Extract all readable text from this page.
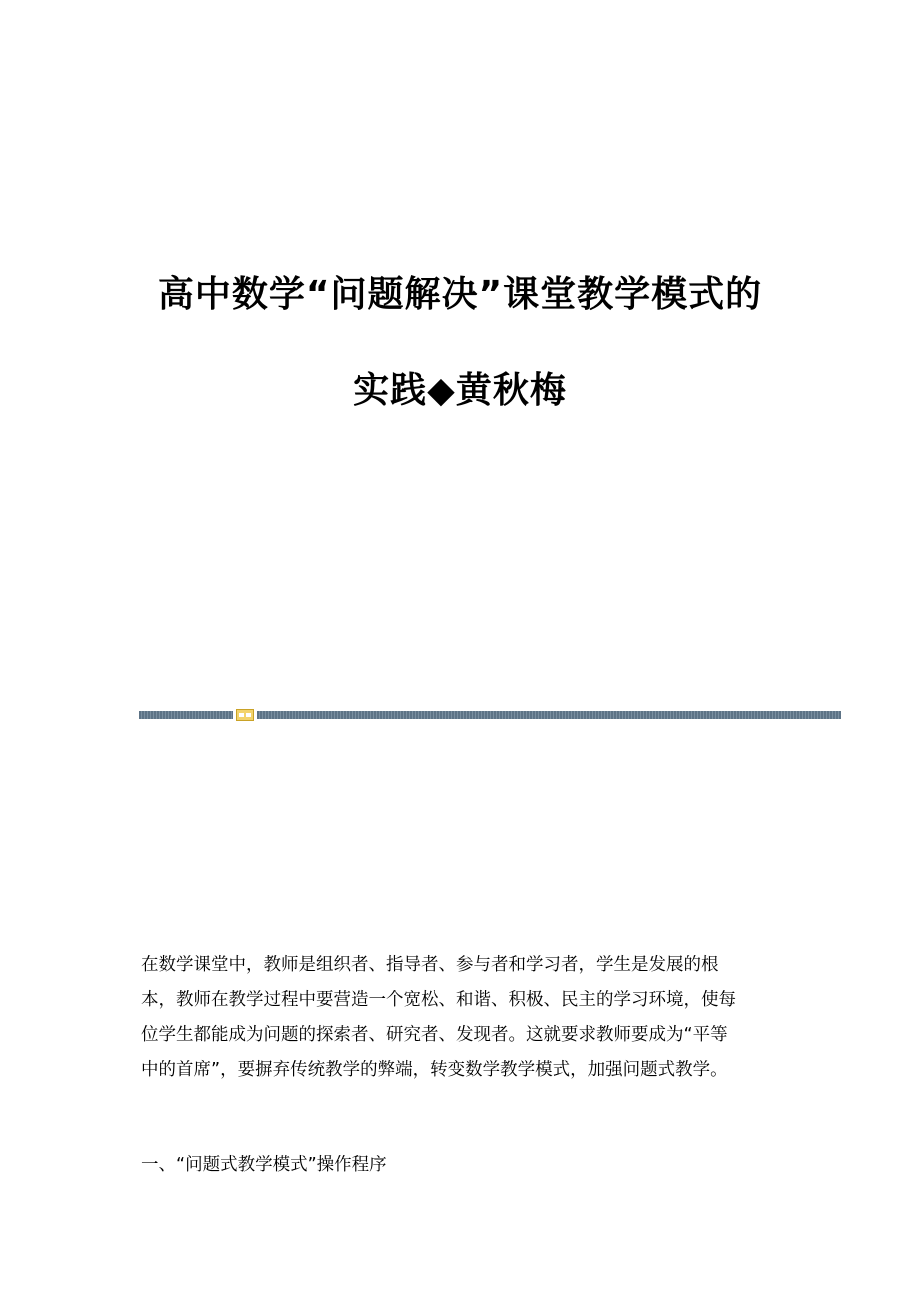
高中数学“问题解决”课堂教学模式的
实践◆黄秋梅
在数学课堂中，教师是组织者、指导者、参与者和学习者，学生是发展的根
本，教师在教学过程中要营造一个宽松、和谐、积极、民主的学习环境，使每
位学生都能成为问题的探索者、研究者、发现者。这就要求教师要成为“平等
中的首席”，要摒弃传统教学的弊端，转变数学教学模式，加强问题式教学。
一、“问题式教学模式”操作程序
